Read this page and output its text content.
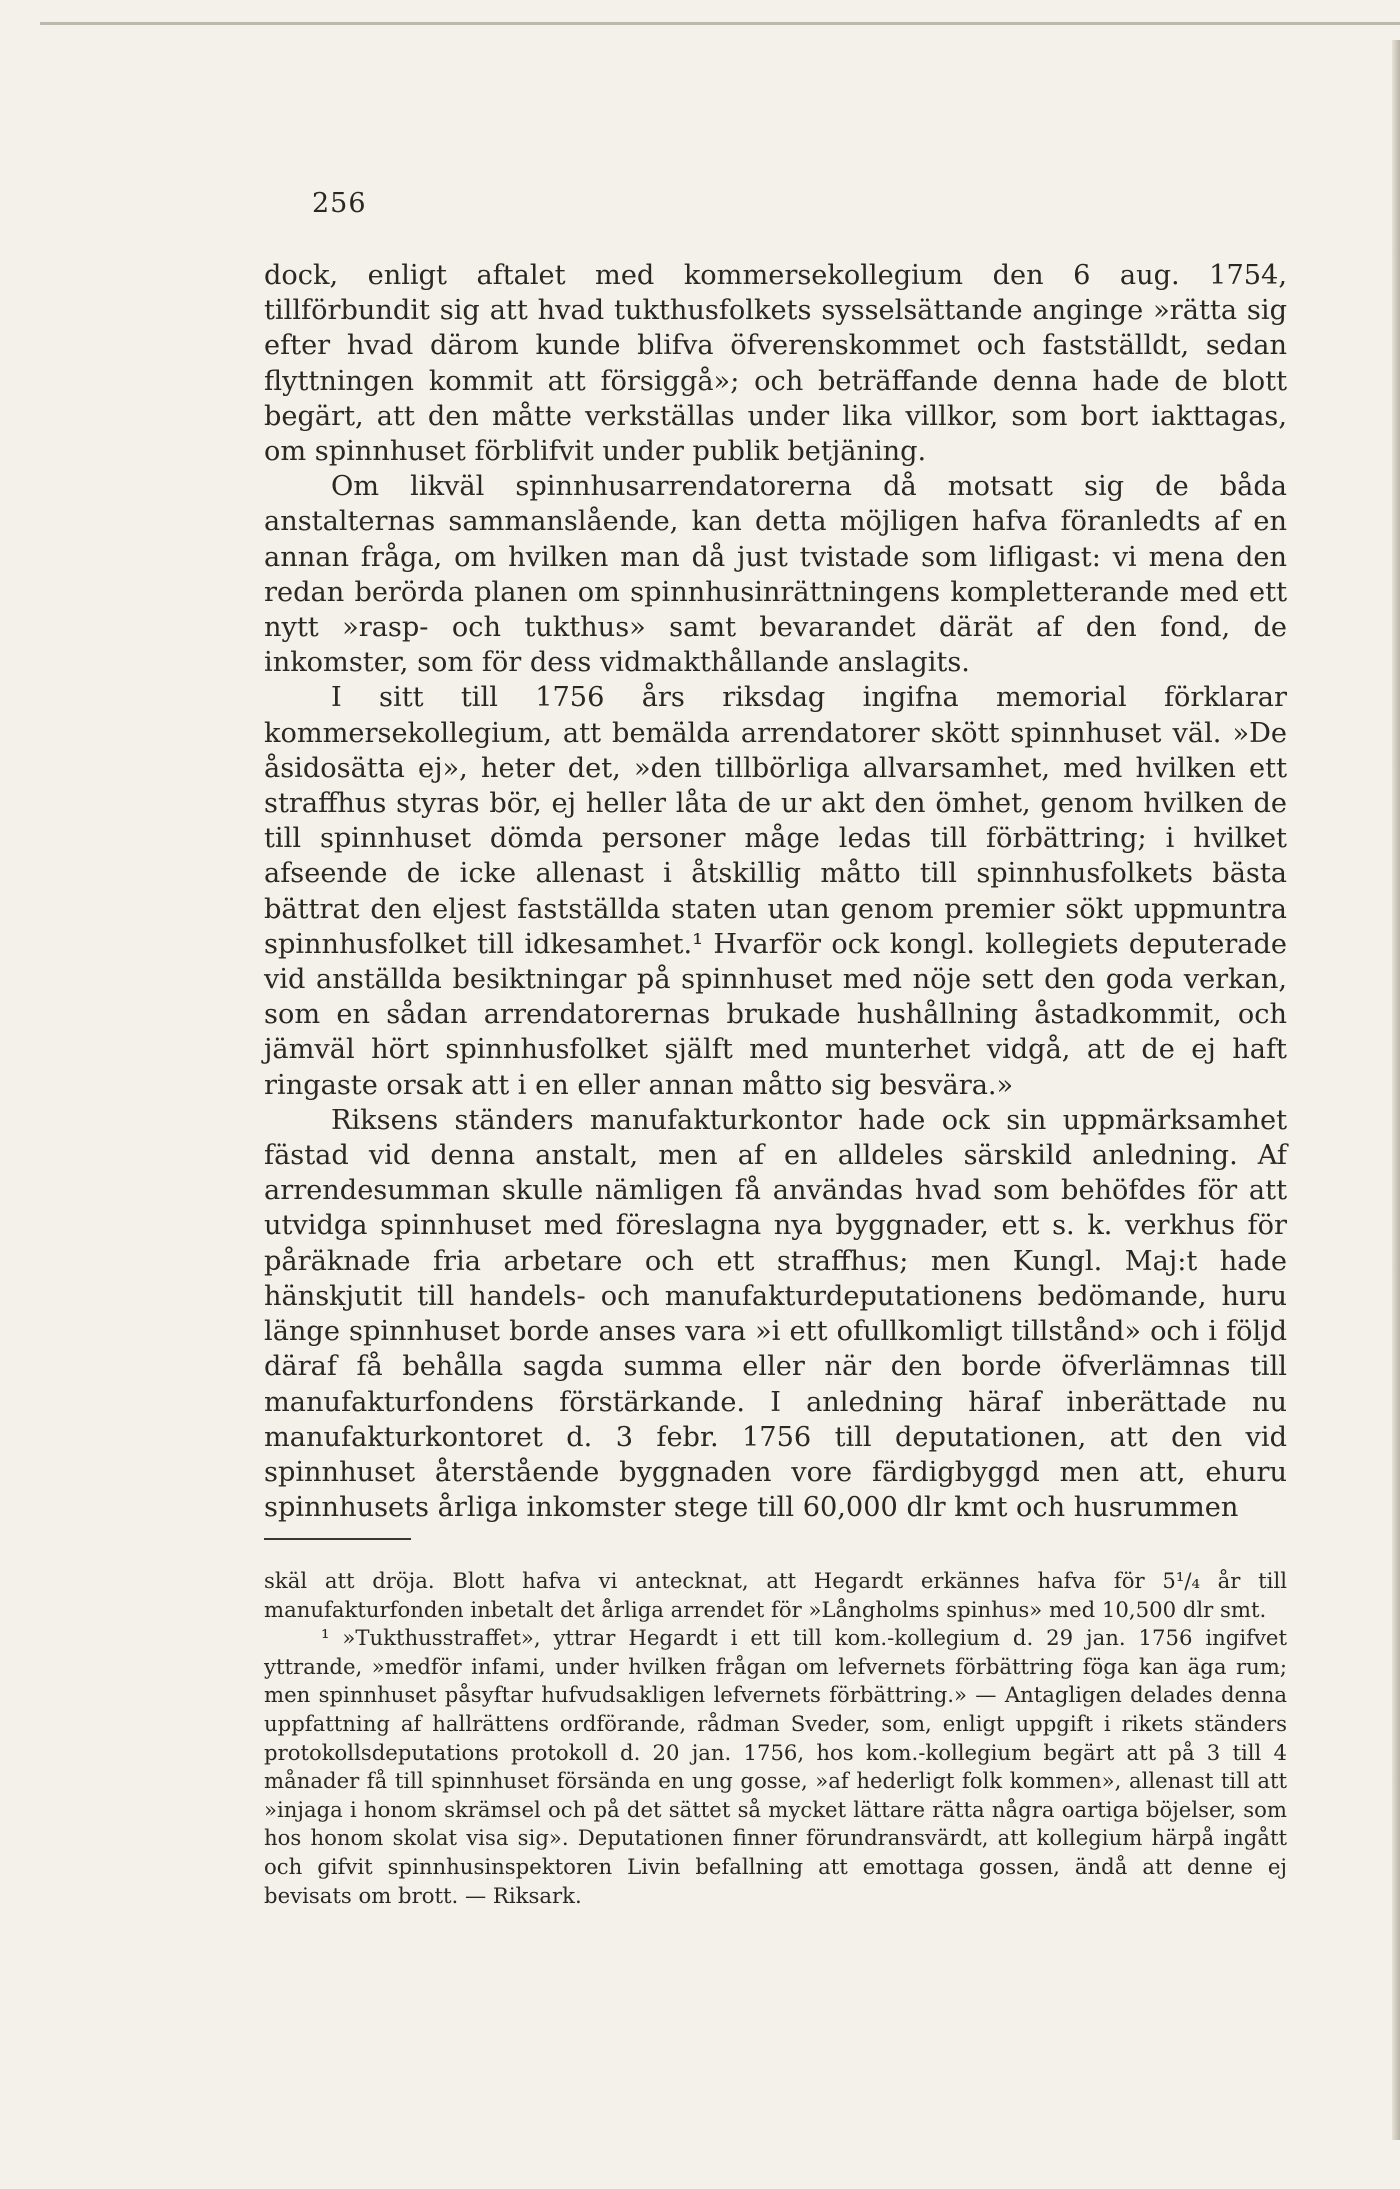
256

dock, enligt aftalet med kommersekollegium den 6 aug. 1754, tillförbundit sig att hvad tukthusfolkets sysselsättande anginge »rätta sig efter hvad därom kunde blifva öfverenskommet och fastställdt, sedan flyttningen kommit att försiggå»; och beträffande denna hade de blott begärt, att den måtte verkställas under lika villkor, som bort iakttagas, om spinnhuset förblifvit under publik betjäning.

Om likväl spinnhusarrendatorerna då motsatt sig de båda anstalternas sammanslående, kan detta möjligen hafva föranledts af en annan fråga, om hvilken man då just tvistade som lifligast: vi mena den redan berörda planen om spinnhusinrättningens kompletterande med ett nytt »rasp- och tukthus» samt bevarandet därät af den fond, de inkomster, som för dess vidmakthållande anslagits.

I sitt till 1756 års riksdag ingifna memorial förklarar kommersekollegium, att bemälda arrendatorer skött spinnhuset väl. »De åsidosätta ej», heter det, »den tillbörliga allvarsamhet, med hvilken ett straffhus styras bör, ej heller låta de ur akt den ömhet, genom hvilken de till spinnhuset dömda personer måge ledas till förbättring; i hvilket afseende de icke allenast i åtskillig måtto till spinnhusfolkets bästa bättrat den eljest fastställda staten utan genom premier sökt uppmuntra spinnhusfolket till idkesamhet.¹ Hvarför ock kongl. kollegiets deputerade vid anställda besiktningar på spinnhuset med nöje sett den goda verkan, som en sådan arrendatorernas brukade hushållning åstadkommit, och jämväl hört spinnhusfolket själft med munterhet vidgå, att de ej haft ringaste orsak att i en eller annan måtto sig besvära.»

Riksens ständers manufakturkontor hade ock sin uppmärksamhet fästad vid denna anstalt, men af en alldeles särskild anledning. Af arrendesumman skulle nämligen få användas hvad som behöfdes för att utvidga spinnhuset med föreslagna nya byggnader, ett s. k. verkhus för påräknade fria arbetare och ett straffhus; men Kungl. Maj:t hade hänskjutit till handels- och manufakturdeputationens bedömande, huru länge spinnhuset borde anses vara »i ett ofullkomligt tillstånd» och i följd däraf få behålla sagda summa eller när den borde öfverlämnas till manufakturfondens förstärkande. I anledning häraf inberättade nu manufakturkontoret d. 3 febr. 1756 till deputationen, att den vid spinnhuset återstående byggnaden vore färdigbyggd men att, ehuru spinnhusets årliga inkomster stege till 60,000 dlr kmt och husrummen

skäl att dröja. Blott hafva vi antecknat, att Hegardt erkännes hafva för 5¹/₄ år till manufakturfonden inbetalt det årliga arrendet för »Långholms spinhus» med 10,500 dlr smt.

¹ »Tukthusstraffet», yttrar Hegardt i ett till kom.-kollegium d. 29 jan. 1756 ingifvet yttrande, »medför infami, under hvilken frågan om lefvernets förbättring föga kan äga rum; men spinnhuset påsyftar hufvudsakligen lefvernets förbättring.» — Antagligen delades denna uppfattning af hallrättens ordförande, rådman Sveder, som, enligt uppgift i rikets ständers protokollsdeputations protokoll d. 20 jan. 1756, hos kom.-kollegium begärt att på 3 till 4 månader få till spinnhuset försända en ung gosse, »af hederligt folk kommen», allenast till att »injaga i honom skrämsel och på det sättet så mycket lättare rätta några oartiga böjelser, som hos honom skolat visa sig». Deputationen finner förundransvärdt, att kollegium härpå ingått och gifvit spinnhusinspektoren Livin befallning att emottaga gossen, ändå att denne ej bevisats om brott. — Riksark.
